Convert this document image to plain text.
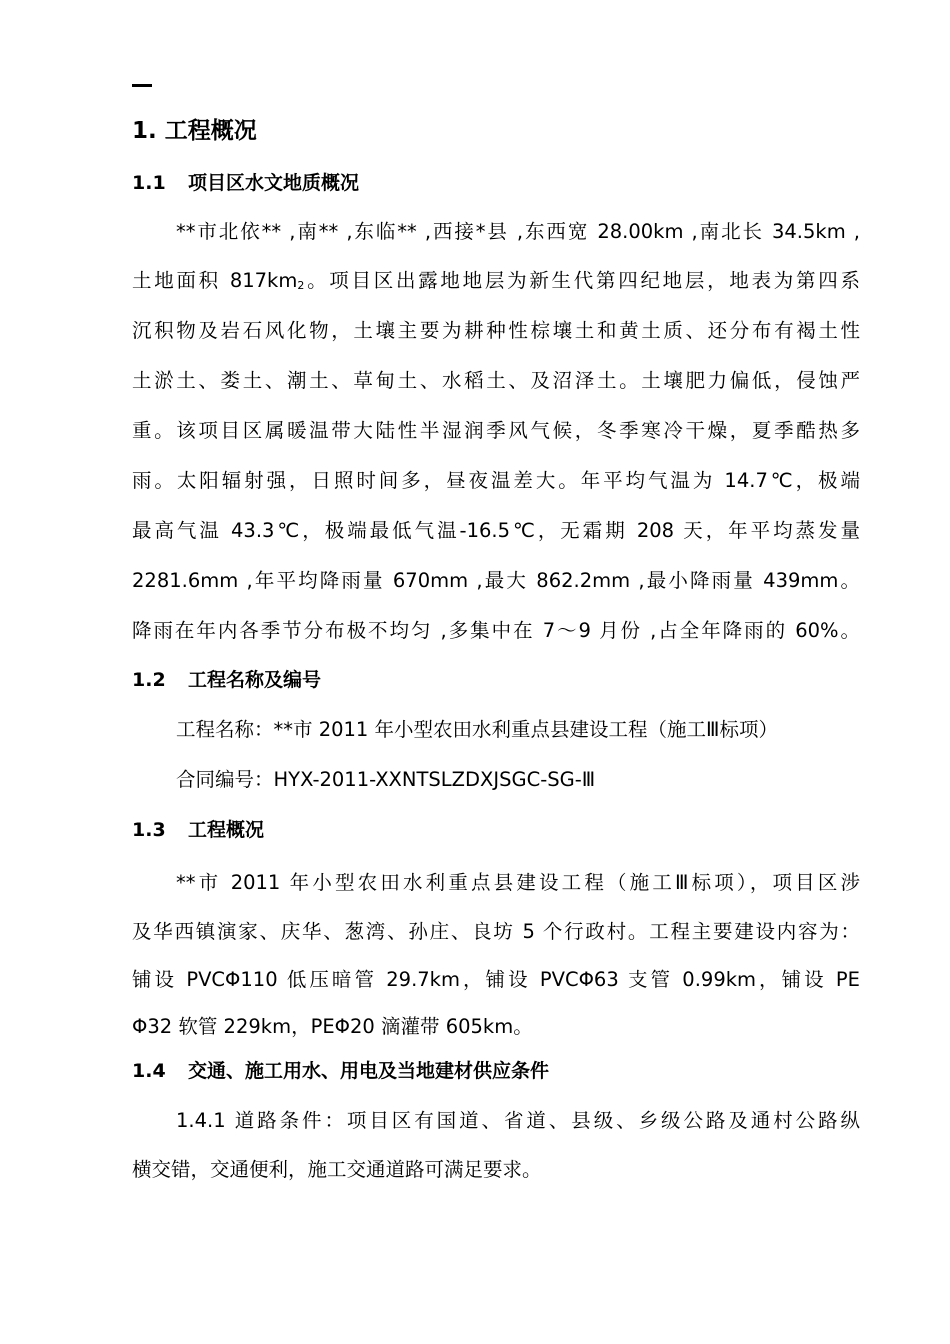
1. 工程概况
1.1 项目区水文地质概况
**市北依** ,南** ,东临** ,西接*县 ,东西宽 28.00km ,南北长 34.5km ,
土地面积 $817km_2$。项目区出露地地层为新生代第四纪地层，地表为第四系
沉积物及岩石风化物，土壤主要为耕种性棕壤土和黄土质、还分布有褐土性
土淤土、娄土、潮土、草甸土、水稻土、及沼泽土。土壤肥力偏低，侵蚀严
重。该项目区属暖温带大陆性半湿润季风气候，冬季寒冷干燥，夏季酷热多
雨。太阳辐射强，日照时间多，昼夜温差大。年平均气温为 14.7℃，极端
最高气温 43.3℃，极端最低气温-16.5℃，无霜期 208 天，年平均蒸发量
2281.6mm ,年平均降雨量 670mm ,最大 862.2mm ,最小降雨量 439mm。
降雨在年内各季节分布极不均匀 ,多集中在 7～9 月份 ,占全年降雨的 60%。
1.2 工程名称及编号
工程名称：**市 2011 年小型农田水利重点县建设工程（施工Ⅲ标项）
合同编号：HYX-2011-XXNTSLZDXJSGC-SG-Ⅲ
1.3 工程概况
**市 2011 年小型农田水利重点县建设工程（施工Ⅲ标项），项目区涉
及华西镇演家、庆华、葱湾、孙庄、良坊 5 个行政村。工程主要建设内容为：
铺设 PVCΦ110 低压暗管 29.7km，铺设 PVCΦ63 支管 0.99km，铺设 PE
Φ32 软管 229km，PEΦ20 滴灌带 605km。
1.4 交通、施工用水、用电及当地建材供应条件
1.4.1 道路条件：项目区有国道、省道、县级、乡级公路及通村公路纵
横交错，交通便利，施工交通道路可满足要求。
